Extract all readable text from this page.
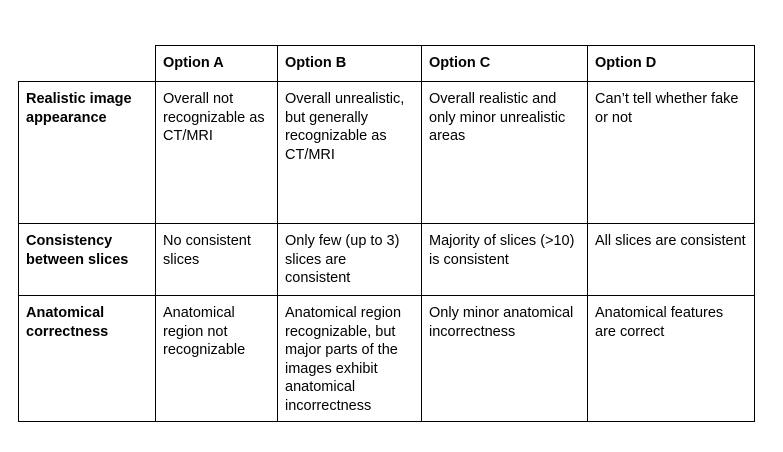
	Option A	Option B	Option C	Option D
Realistic image appearance	Overall not recognizable as CT/MRI	Overall unrealistic, but generally recognizable as CT/MRI	Overall realistic and only minor unrealistic areas	Can’t tell whether fake or not
Consistency between slices	No consistent slices	Only few (up to 3) slices are consistent	Majority of slices (>10) is consistent	All slices are consistent
Anatomical correctness	Anatomical region not recognizable	Anatomical region recognizable, but major parts of the images exhibit anatomical incorrectness	Only minor anatomical incorrectness	Anatomical features are correct
